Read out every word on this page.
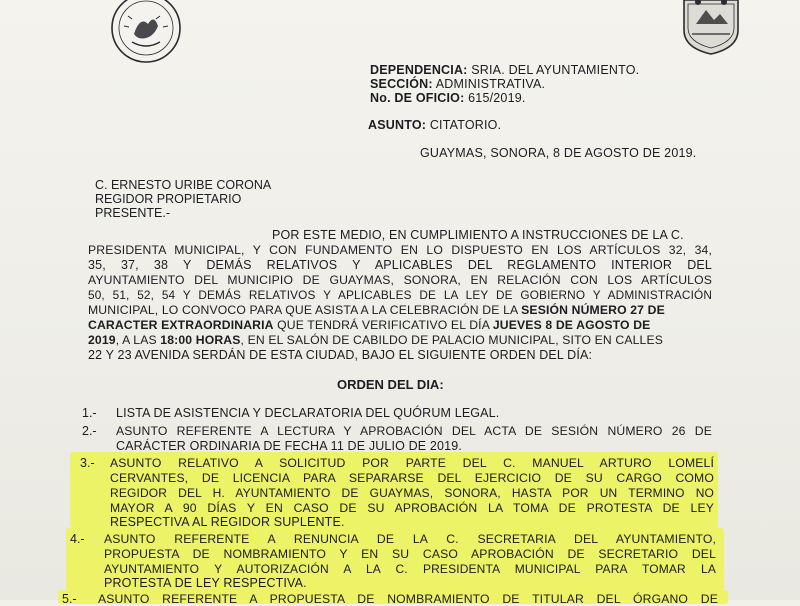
DEPENDENCIA: SRIA. DEL AYUNTAMIENTO.
SECCIÓN: ADMINISTRATIVA.
No. DE OFICIO: 615/2019.
ASUNTO: CITATORIO.
GUAYMAS, SONORA, 8 DE AGOSTO DE 2019.
C. ERNESTO URIBE CORONA
REGIDOR PROPIETARIO
PRESENTE.-
POR ESTE MEDIO, EN CUMPLIMIENTO A INSTRUCCIONES DE LA C.
PRESIDENTA MUNICIPAL, Y CON FUNDAMENTO EN LO DISPUESTO EN LOS ARTÍCULOS 32, 34,
35, 37, 38 Y DEMÁS RELATIVOS Y APLICABLES DEL REGLAMENTO INTERIOR DEL
AYUNTAMIENTO DEL MUNICIPIO DE GUAYMAS, SONORA, EN RELACIÓN CON LOS ARTÍCULOS
50, 51, 52, 54 Y DEMÁS RELATIVOS Y APLICABLES DE LA LEY DE GOBIERNO Y ADMINISTRACIÓN
MUNICIPAL, LO CONVOCO PARA QUE ASISTA A LA CELEBRACIÓN DE LA SESIÓN NÚMERO 27 DE
CARACTER EXTRAORDINARIA QUE TENDRÁ VERIFICATIVO EL DÍA JUEVES 8 DE AGOSTO DE
2019, A LAS 18:00 HORAS, EN EL SALÓN DE CABILDO DE PALACIO MUNICIPAL, SITO EN CALLES
22 Y 23 AVENIDA SERDÁN DE ESTA CIUDAD, BAJO EL SIGUIENTE ORDEN DEL DÍA:
ORDEN DEL DIA:
1.- LISTA DE ASISTENCIA Y DECLARATORIA DEL QUÓRUM LEGAL.
2.- ASUNTO REFERENTE A LECTURA Y APROBACIÓN DEL ACTA DE SESIÓN NÚMERO 26 DE
CARÁCTER ORDINARIA DE FECHA 11 DE JULIO DE 2019.
3.- ASUNTO RELATIVO A SOLICITUD POR PARTE DEL C. MANUEL ARTURO LOMELÍ
CERVANTES, DE LICENCIA PARA SEPARARSE DEL EJERCICIO DE SU CARGO COMO
REGIDOR DEL H. AYUNTAMIENTO DE GUAYMAS, SONORA, HASTA POR UN TERMINO NO
MAYOR A 90 DÍAS Y EN CASO DE SU APROBACIÓN LA TOMA DE PROTESTA DE LEY
RESPECTIVA AL REGIDOR SUPLENTE.
4.- ASUNTO REFERENTE A RENUNCIA DE LA C. SECRETARIA DEL AYUNTAMIENTO,
PROPUESTA DE NOMBRAMIENTO Y EN SU CASO APROBACIÓN DE SECRETARIO DEL
AYUNTAMIENTO Y AUTORIZACIÓN A LA C. PRESIDENTA MUNICIPAL PARA TOMAR LA
PROTESTA DE LEY RESPECTIVA.
5.- ASUNTO REFERENTE A PROPUESTA DE NOMBRAMIENTO DE TITULAR DEL ÓRGANO DE
